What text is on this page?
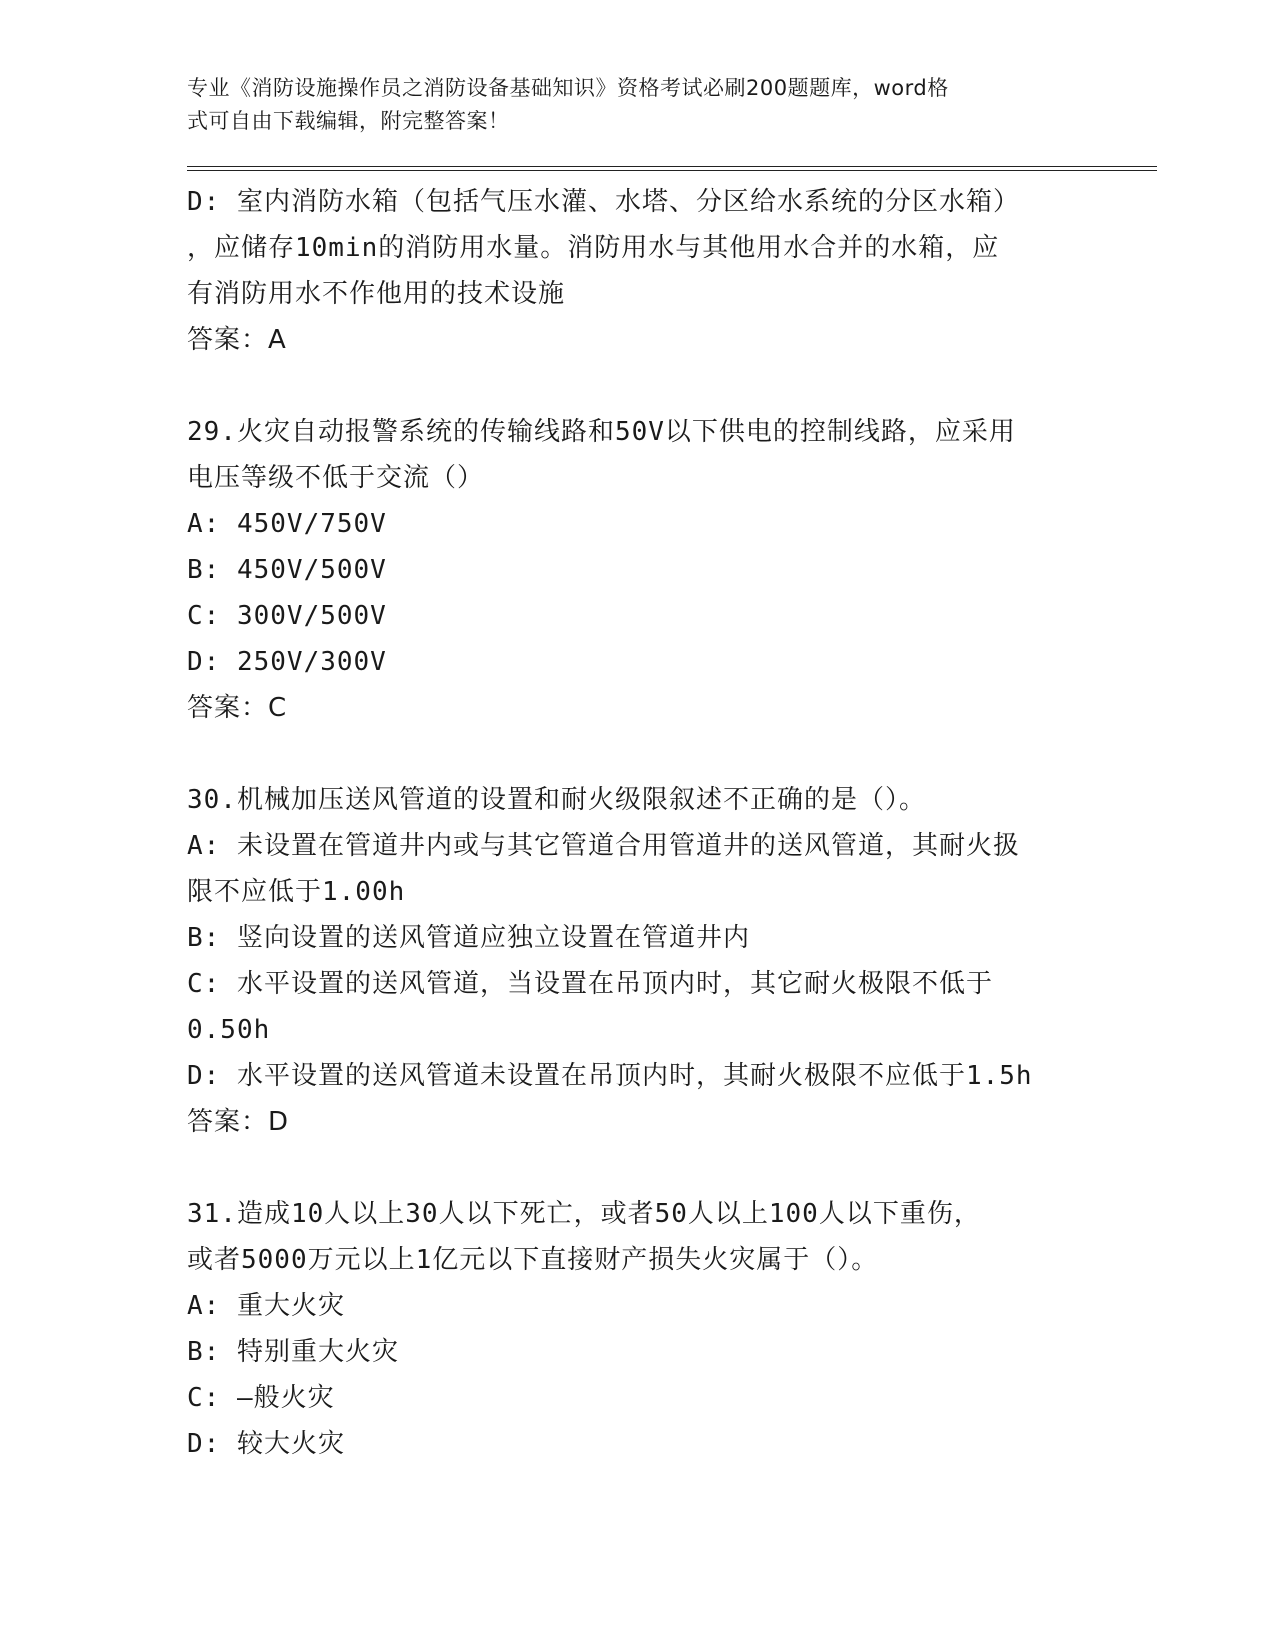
专业《消防设施操作员之消防设备基础知识》资格考试必刷200题题库，word格
式可自由下载编辑，附完整答案！
D: 室内消防水箱（包括气压水灌、水塔、分区给水系统的分区水箱）
，应储存10min的消防用水量。消防用水与其他用水合并的水箱，应
有消防用水不作他用的技术设施
答案：A
29.火灾自动报警系统的传输线路和50V以下供电的控制线路，应采用
电压等级不低于交流（）
A: 450V/750V
B: 450V/500V
C: 300V/500V
D: 250V/300V
答案：C
30.机械加压送风管道的设置和耐火级限叙述不正确的是（）。
A: 未设置在管道井内或与其它管道合用管道井的送风管道，其耐火扱
限不应低于1.00h
B: 竖向设置的送风管道应独立设置在管道井内
C: 水平设置的送风管道，当设置在吊顶内时，其它耐火极限不低于
0.50h
D: 水平设置的送风管道未设置在吊顶内时，其耐火极限不应低于1.5h
答案：D
31.造成10人以上30人以下死亡，或者50人以上100人以下重伤，
或者5000万元以上1亿元以下直接财产损失火灾属于（）。
A: 重大火灾
B: 特别重大火灾
C: —般火灾
D: 较大火灾
